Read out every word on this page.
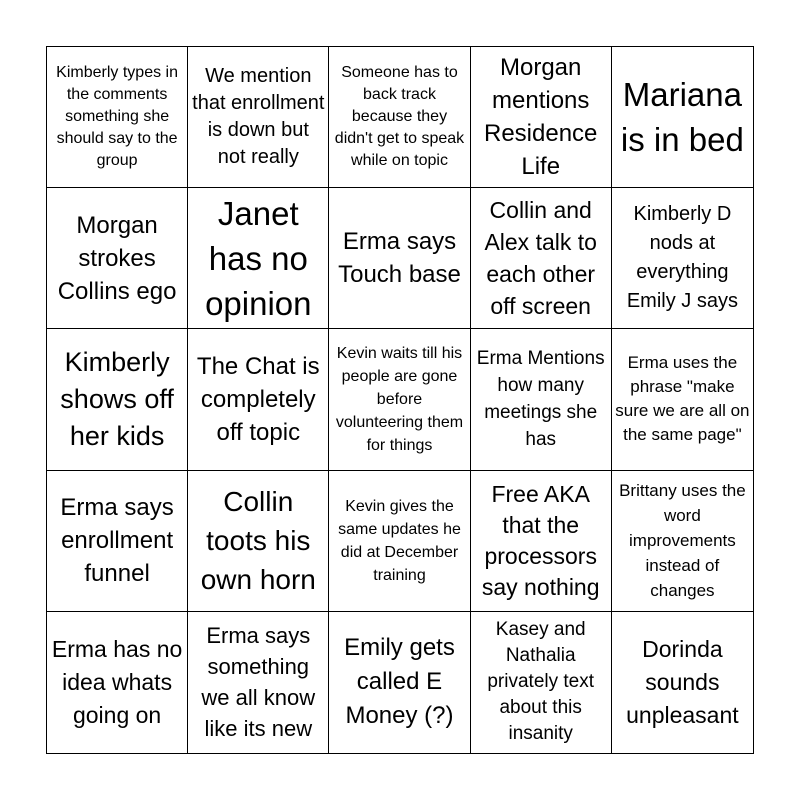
Kimberly types in the comments something she should say to the group
We mention that enrollment is down but not really
Someone has to back track because they didn't get to speak while on topic
Morgan mentions Residence Life
Mariana is in bed
Morgan strokes Collins ego
Janet has no opinion
Erma says Touch base
Collin and Alex talk to each other off screen
Kimberly D nods at everything Emily J says
Kimberly shows off her kids
The Chat is completely off topic
Kevin waits till his people are gone before volunteering them for things
Erma Mentions how many meetings she has
Erma uses the phrase "make sure we are all on the same page"
Erma says enrollment funnel
Collin toots his own horn
Kevin gives the same updates he did at December training
Free AKA that the processors say nothing
Brittany uses the word improvements instead of changes
Erma has no idea whats going on
Erma says something we all know like its new
Emily gets called E Money (?)
Kasey and Nathalia privately text about this insanity
Dorinda sounds unpleasant
